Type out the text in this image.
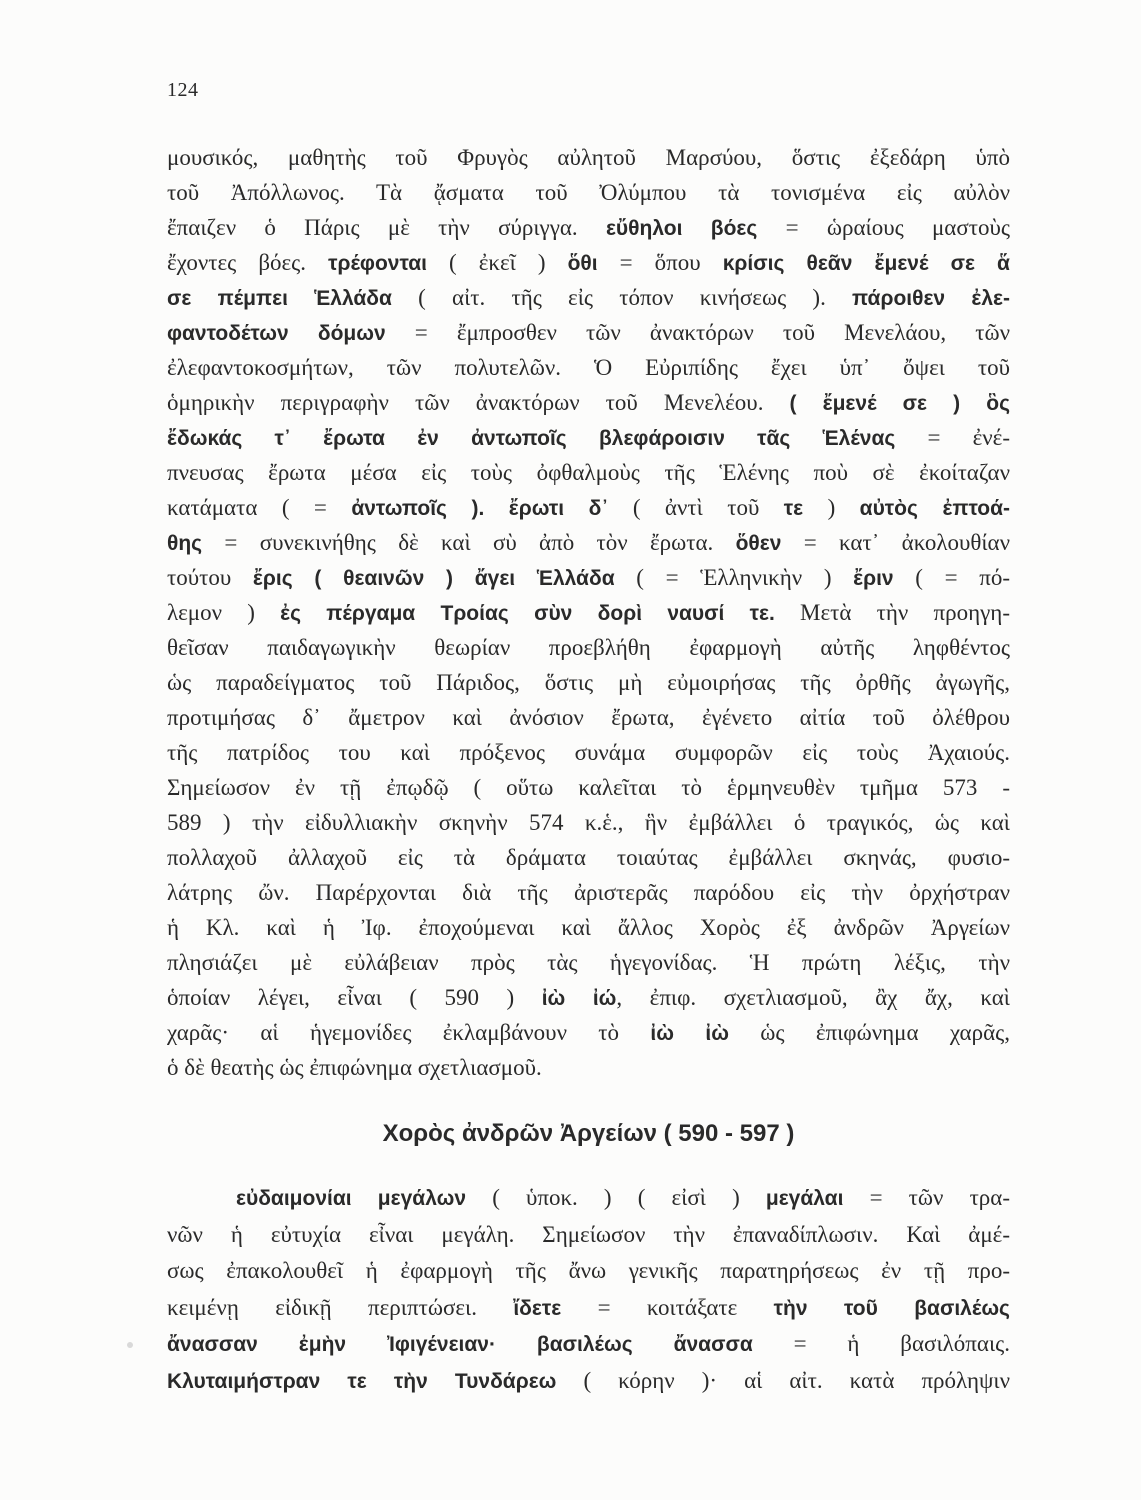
124
μουσικός, μαθητὴς τοῦ Φρυγὸς αὐλητοῦ Μαρσύου, ὅστις ἐξεδάρη ὑπὸ
τοῦ Ἀπόλλωνος. Τὰ ᾄσματα τοῦ Ὀλύμπου τὰ τονισμένα εἰς αὐλὸν
ἔπαιζεν ὁ Πάρις μὲ τὴν σύριγγα. εὔθηλοι βόες = ὡραίους μαστοὺς
ἔχοντες βόες. τρέφονται ( ἐκεῖ ) ὅθι = ὅπου κρίσις θεᾶν ἔμενέ σε ἅ
σε πέμπει Ἑλλάδα ( αἰτ. τῆς εἰς τόπον κινήσεως ). πάροιθεν ἐλε-
φαντοδέτων δόμων = ἔμπροσθεν τῶν ἀνακτόρων τοῦ Μενελάου, τῶν
ἐλεφαντοκοσμήτων, τῶν πολυτελῶν. Ὁ Εὐριπίδης ἔχει ὑπ᾽ ὄψει τοῦ
ὁμηρικὴν περιγραφὴν τῶν ἀνακτόρων τοῦ Μενελέου. ( ἔμενέ σε ) ὃς
ἔδωκάς τ᾽ ἔρωτα ἐν ἀντωποῖς βλεφάροισιν τᾶς Ἑλένας = ἐνέ-
πνευσας ἔρωτα μέσα εἰς τοὺς ὀφθαλμοὺς τῆς Ἑλένης ποὺ σὲ ἐκοίταζαν
κατάματα ( = ἀντωποῖς ). ἔρωτι δ᾽ ( ἀντὶ τοῦ τε ) αὐτὸς ἐπτοά-
θης = συνεκινήθης δὲ καὶ σὺ ἀπὸ τὸν ἔρωτα. ὅθεν = κατ᾽ ἀκολουθίαν
τούτου ἔρις ( θεαινῶν ) ἄγει Ἑλλάδα ( = Ἑλληνικὴν ) ἔριν ( = πό-
λεμον ) ἐς πέργαμα Τροίας σὺν δορὶ ναυσί τε. Μετὰ τὴν προηγη-
θεῖσαν παιδαγωγικὴν θεωρίαν προεβλήθη ἐφαρμογὴ αὐτῆς ληφθέντος
ὡς παραδείγματος τοῦ Πάριδος, ὅστις μὴ εὐμοιρήσας τῆς ὀρθῆς ἀγωγῆς,
προτιμήσας δ᾽ ἄμετρον καὶ ἀνόσιον ἔρωτα, ἐγένετο αἰτία τοῦ ὀλέθρου
τῆς πατρίδος του καὶ πρόξενος συνάμα συμφορῶν εἰς τοὺς Ἀχαιούς.
Σημείωσον ἐν τῇ ἐπῳδῷ ( οὕτω καλεῖται τὸ ἑρμηνευθὲν τμῆμα 573 -
589 ) τὴν εἰδυλλιακὴν σκηνὴν 574 κ.ἑ., ἣν ἐμβάλλει ὁ τραγικός, ὡς καὶ
πολλαχοῦ ἀλλαχοῦ εἰς τὰ δράματα τοιαύτας ἐμβάλλει σκηνάς, φυσιο-
λάτρης ὤν. Παρέρχονται διὰ τῆς ἀριστερᾶς παρόδου εἰς τὴν ὀρχήστραν
ἡ Κλ. καὶ ἡ Ἰφ. ἐποχούμεναι καὶ ἄλλος Χορὸς ἐξ ἀνδρῶν Ἀργείων
πλησιάζει μὲ εὐλάβειαν πρὸς τὰς ἡγεγονίδας. Ἡ πρώτη λέξις, τὴν
ὁποίαν λέγει, εἶναι ( 590 ) ἰὼ ἰώ, ἐπιφ. σχετλιασμοῦ, ἂχ ἄχ, καὶ
χαρᾶς· αἱ ἡγεμονίδες ἐκλαμβάνουν τὸ ἰὼ ἰὼ ὡς ἐπιφώνημα χαρᾶς,
ὁ δὲ θεατὴς ὡς ἐπιφώνημα σχετλιασμοῦ.
Χορὸς ἀνδρῶν Ἀργείων ( 590 - 597 )
εὐδαιμονίαι μεγάλων ( ὑποκ. ) ( εἰσὶ ) μεγάλαι = τῶν τρα-
νῶν ἡ εὐτυχία εἶναι μεγάλη. Σημείωσον τὴν ἐπαναδίπλωσιν. Καὶ ἀμέ-
σως ἐπακολουθεῖ ἡ ἐφαρμογὴ τῆς ἄνω γενικῆς παρατηρήσεως ἐν τῇ προ-
κειμένῃ εἰδικῇ περιπτώσει. ἴδετε = κοιτάξατε τὴν τοῦ βασιλέως
ἄνασσαν ἐμὴν Ἰφιγένειαν· βασιλέως ἄνασσα = ἡ βασιλόπαις.
Κλυταιμήστραν τε τὴν Τυνδάρεω ( κόρην )· αἱ αἰτ. κατὰ πρόληψιν
